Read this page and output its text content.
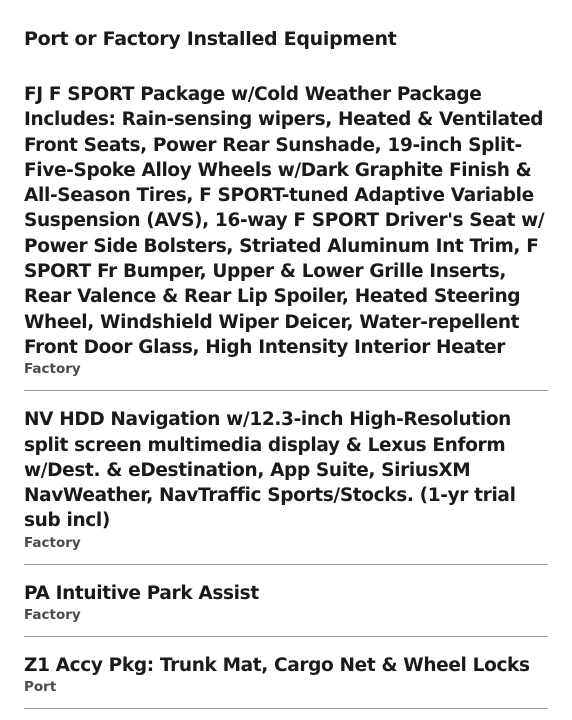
Port or Factory Installed Equipment

FJ F SPORT Package w/Cold Weather Package Includes: Rain-sensing wipers, Heated & Ventilated Front Seats, Power Rear Sunshade, 19-inch Split-Five-Spoke Alloy Wheels w/Dark Graphite Finish & All-Season Tires, F SPORT-tuned Adaptive Variable Suspension (AVS), 16-way F SPORT Driver's Seat w/ Power Side Bolsters, Striated Aluminum Int Trim, F SPORT Fr Bumper, Upper & Lower Grille Inserts, Rear Valence & Rear Lip Spoiler, Heated Steering Wheel, Windshield Wiper Deicer, Water-repellent Front Door Glass, High Intensity Interior Heater

Factory

NV HDD Navigation w/12.3-inch High-Resolution split screen multimedia display & Lexus Enform w/Dest. & eDestination, App Suite, SiriusXM NavWeather, NavTraffic Sports/Stocks. (1-yr trial sub incl)

Factory

PA Intuitive Park Assist

Factory

Z1 Accy Pkg: Trunk Mat, Cargo Net & Wheel Locks

Port
